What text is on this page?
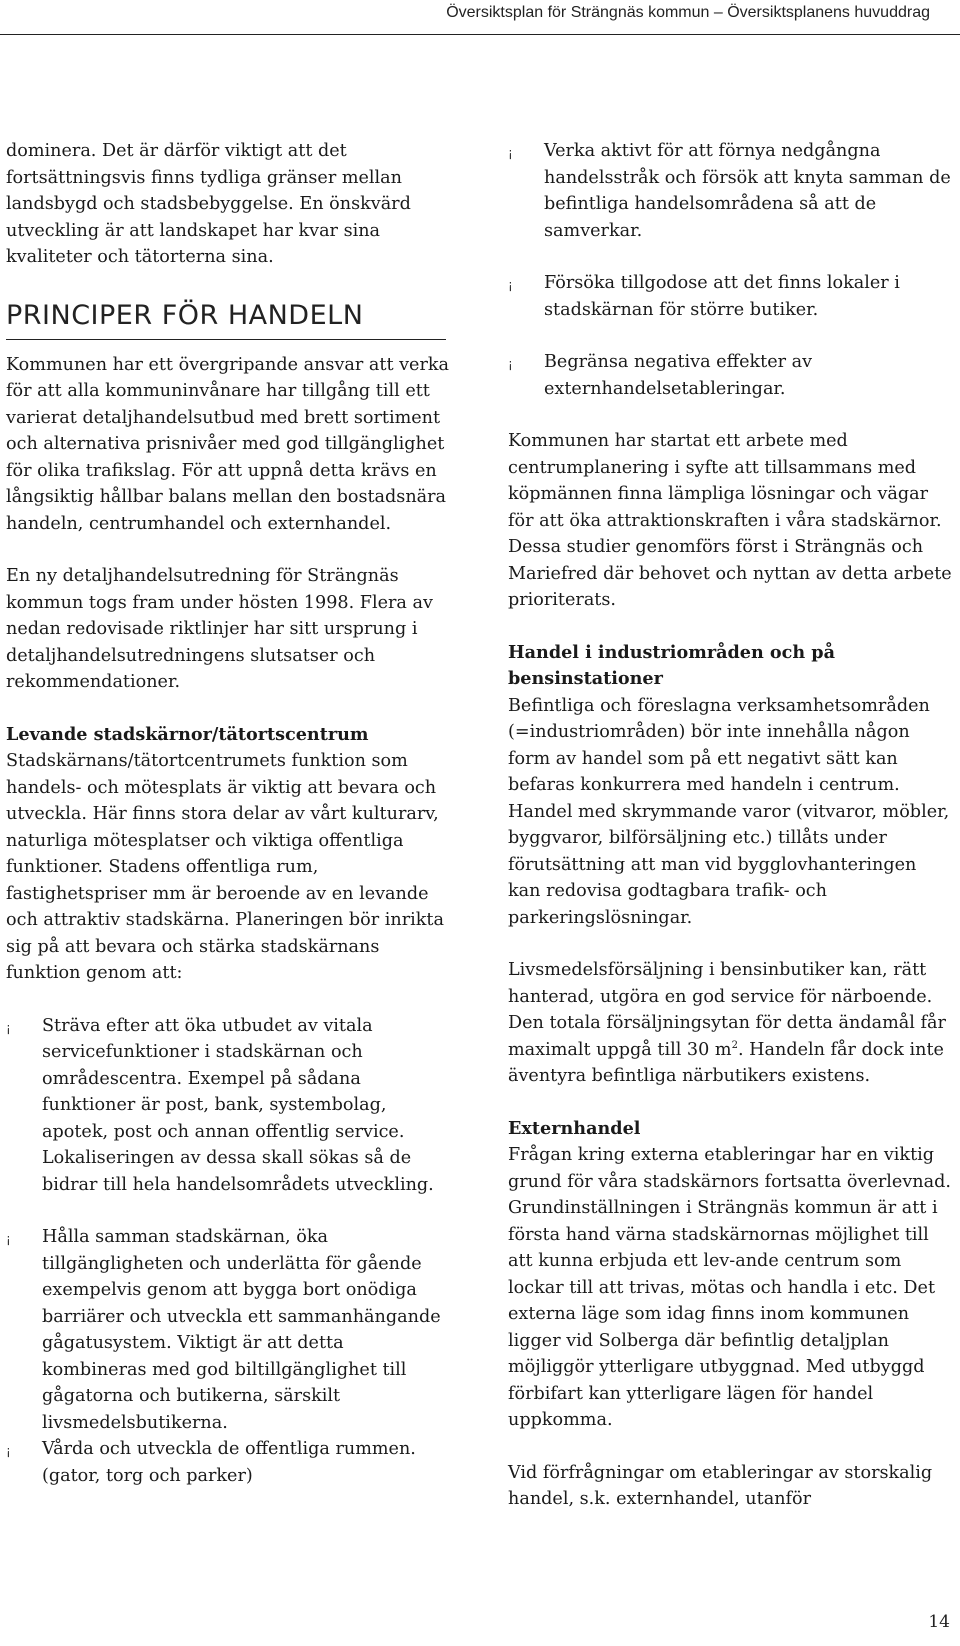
Översiktsplan för Strängnäs kommun – Översiktsplanens huvuddrag

dominera. Det är därför viktigt att det fortsättningsvis finns tydliga gränser mellan landsbygd och stadsbebyggelse. En önskvärd utveckling är att landskapet har kvar sina kvaliteter och tätorterna sina.

PRINCIPER FÖR HANDELN

Kommunen har ett övergripande ansvar att verka för att alla kommuninvånare har tillgång till ett varierat detaljhandelsutbud med brett sortiment och alternativa prisnivåer med god tillgänglighet för olika trafikslag. För att uppnå detta krävs en långsiktig hållbar balans mellan den bostadsnära handeln, centrumhandel och externhandel.

En ny detaljhandelsutredning för Strängnäs kommun togs fram under hösten 1998. Flera av nedan redovisade riktlinjer har sitt ursprung i detaljhandelsutredningens slutsatser och rekommendationer.

Levande stadskärnor/tätortscentrum

Stadskärnans/tätortcentrumets funktion som handels- och mötesplats är viktig att bevara och utveckla. Här finns stora delar av vårt kulturarv, naturliga mötesplatser och viktiga offentliga funktioner. Stadens offentliga rum, fastighetspriser mm är beroende av en levande och attraktiv stadskärna. Planeringen bör inrikta sig på att bevara och stärka stadskärnans funktion genom att:

¡ Sträva efter att öka utbudet av vitala servicefunktioner i stadskärnan och områdescentra. Exempel på sådana funktioner är post, bank, systembolag, apotek, post och annan offentlig service. Lokaliseringen av dessa skall sökas så de bidrar till hela handelsområdets utveckling.
¡ Hålla samman stadskärnan, öka tillgängligheten och underlätta för gående exempelvis genom att bygga bort onödiga barriärer och utveckla ett sammanhängande gågatusystem. Viktigt är att detta kombineras med god biltillgänglighet till gågatorna och butikerna, särskilt livsmedelsbutikerna.
¡ Vårda och utveckla de offentliga rummen. (gator, torg och parker)
¡ Verka aktivt för att förnya nedgångna handelsstråk och försök att knyta samman de befintliga handelsområdena så att de samverkar.
¡ Försöka tillgodose att det finns lokaler i stadskärnan för större butiker.
¡ Begränsa negativa effekter av externhandelsetableringar.

Kommunen har startat ett arbete med centrumplanering i syfte att tillsammans med köpmännen finna lämpliga lösningar och vägar för att öka attraktionskraften i våra stadskärnor. Dessa studier genomförs först i Strängnäs och Mariefred där behovet och nyttan av detta arbete prioriterats.

Handel i industriområden och på bensinstationer

Befintliga och föreslagna verksamhetsområden (=industriområden) bör inte innehålla någon form av handel som på ett negativt sätt kan befaras konkurrera med handeln i centrum. Handel med skrymmande varor (vitvaror, möbler, byggvaror, bilförsäljning etc.) tillåts under förutsättning att man vid bygglovhanteringen kan redovisa godtagbara trafik- och parkeringslösningar.

Livsmedelsförsäljning i bensinbutiker kan, rätt hanterad, utgöra en god service för närboende. Den totala försäljningsytan för detta ändamål får maximalt uppgå till 30 $m^2$. Handeln får dock inte äventyra befintliga närbutikers existens.

Externhandel

Frågan kring externa etableringar har en viktig grund för våra stadskärnors fortsatta överlevnad. Grundinställningen i Strängnäs kommun är att i första hand värna stadskärnornas möjlighet till att kunna erbjuda ett lev-ande centrum som lockar till att trivas, mötas och handla i etc. Det externa läge som idag finns inom kommunen ligger vid Solberga där befintlig detaljplan möjliggör ytterligare utbyggnad. Med utbyggd förbifart kan ytterligare lägen för handel uppkomma.

Vid förfrågningar om etableringar av storskalig handel, s.k. externhandel, utanför

14
